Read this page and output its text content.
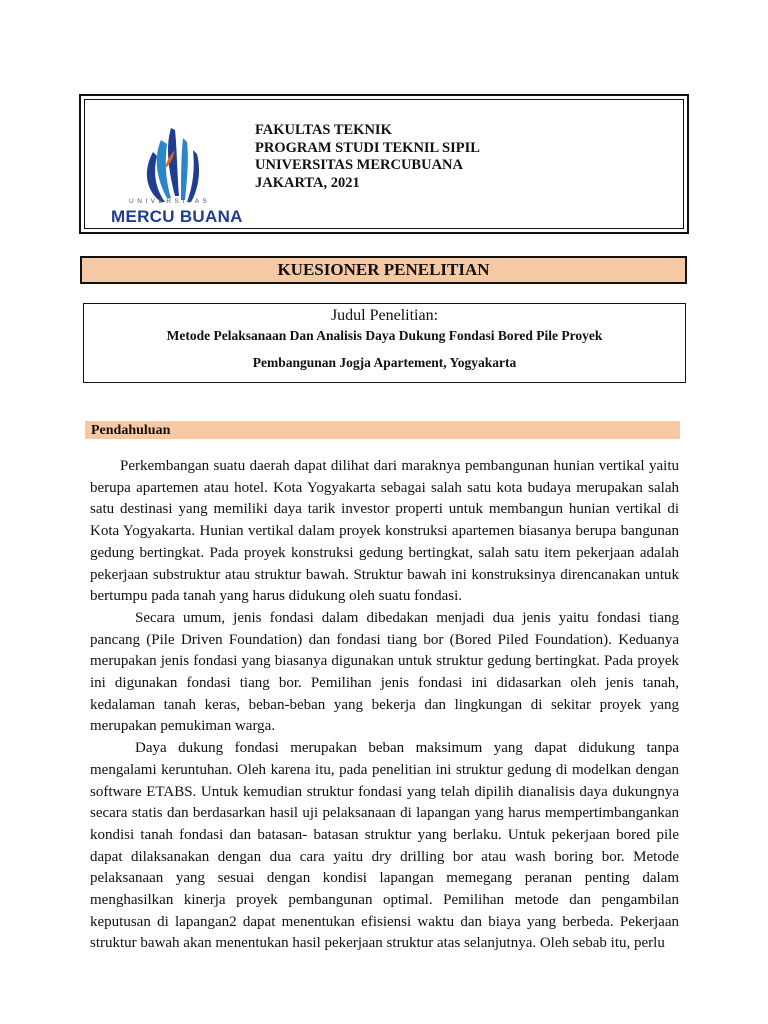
UNIVERSITAS
MERCU BUANA
FAKULTAS TEKNIK
PROGRAM STUDI TEKNIL SIPIL
UNIVERSITAS MERCUBUANA
JAKARTA, 2021
KUESIONER PENELITIAN
Judul Penelitian:
Metode Pelaksanaan Dan Analisis Daya Dukung Fondasi Bored Pile Proyek
Pembangunan Jogja Apartement, Yogyakarta
Pendahuluan

Perkembangan suatu daerah dapat dilihat dari maraknya pembangunan hunian vertikal yaitu berupa apartemen atau hotel. Kota Yogyakarta sebagai salah satu kota budaya merupakan salah satu destinasi yang memiliki daya tarik investor properti untuk membangun hunian vertikal di Kota Yogyakarta. Hunian vertikal dalam proyek konstruksi apartemen biasanya berupa bangunan gedung bertingkat. Pada proyek konstruksi gedung bertingkat, salah satu item pekerjaan adalah pekerjaan substruktur atau struktur bawah. Struktur bawah ini konstruksinya direncanakan untuk bertumpu pada tanah yang harus didukung oleh suatu fondasi.

Secara umum, jenis fondasi dalam dibedakan menjadi dua jenis yaitu fondasi tiang pancang (Pile Driven Foundation) dan fondasi tiang bor (Bored Piled Foundation). Keduanya merupakan jenis fondasi yang biasanya digunakan untuk struktur gedung bertingkat. Pada proyek ini digunakan fondasi tiang bor. Pemilihan jenis fondasi ini didasarkan oleh jenis tanah, kedalaman tanah keras, beban-beban yang bekerja dan lingkungan di sekitar proyek yang merupakan pemukiman warga.

Daya dukung fondasi merupakan beban maksimum yang dapat didukung tanpa mengalami keruntuhan. Oleh karena itu, pada penelitian ini struktur gedung di modelkan dengan software ETABS. Untuk kemudian struktur fondasi yang telah dipilih dianalisis daya dukungnya secara statis dan berdasarkan hasil uji pelaksanaan di lapangan yang harus mempertimbangankan kondisi tanah fondasi dan batasan- batasan struktur yang berlaku. Untuk pekerjaan bored pile dapat dilaksanakan dengan dua cara yaitu dry drilling bor atau wash boring bor. Metode pelaksanaan yang sesuai dengan kondisi lapangan memegang peranan penting dalam menghasilkan kinerja proyek pembangunan optimal. Pemilihan metode dan pengambilan keputusan di lapangan2 dapat menentukan efisiensi waktu dan biaya yang berbeda. Pekerjaan struktur bawah akan menentukan hasil pekerjaan struktur atas selanjutnya. Oleh sebab itu, perlu
